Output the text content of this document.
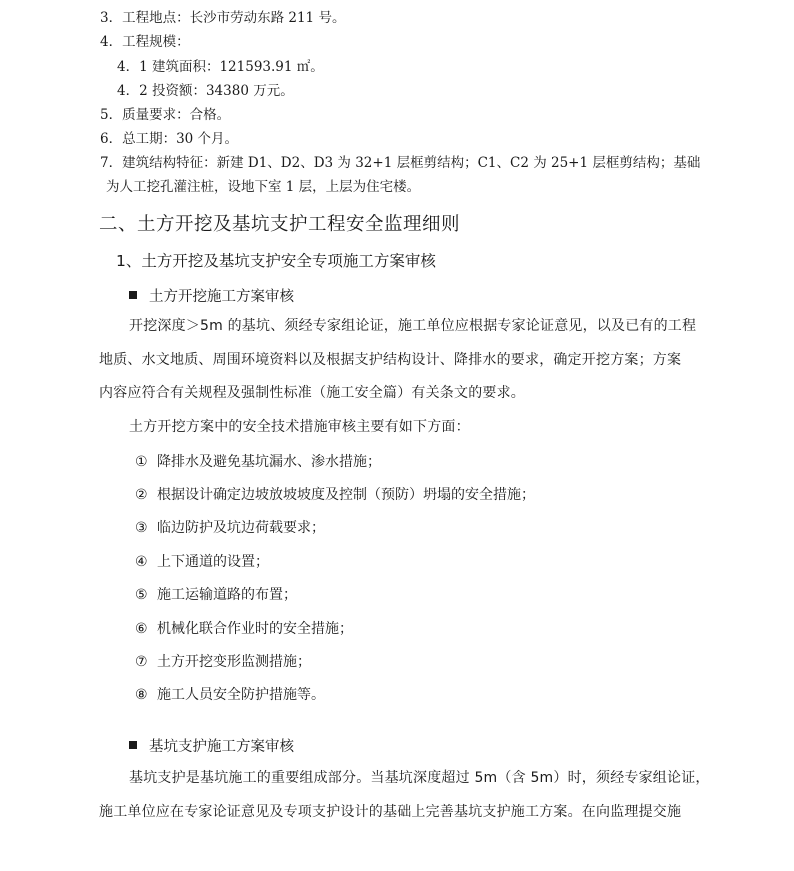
3．工程地点：长沙市劳动东路 211 号。
4．工程规模：
4．1 建筑面积：121593.91 ㎡。
4．2 投资额：34380 万元。
5．质量要求：合格。
6．总工期：30 个月。
7．建筑结构特征：新建 D1、D2、D3 为 32+1 层框剪结构；C1、C2 为 25+1 层框剪结构；基础
为人工挖孔灌注桩，设地下室 1 层，上层为住宅楼。
二、土方开挖及基坑支护工程安全监理细则
1、土方开挖及基坑支护安全专项施工方案审核
土方开挖施工方案审核
开挖深度＞5m 的基坑、须经专家组论证，施工单位应根据专家论证意见，以及已有的工程
地质、水文地质、周围环境资料以及根据支护结构设计、降排水的要求，确定开挖方案；方案
内容应符合有关规程及强制性标准（施工安全篇）有关条文的要求。
土方开挖方案中的安全技术措施审核主要有如下方面：
① 降排水及避免基坑漏水、渗水措施；
② 根据设计确定边坡放坡坡度及控制（预防）坍塌的安全措施；
③ 临边防护及坑边荷载要求；
④ 上下通道的设置；
⑤ 施工运输道路的布置；
⑥ 机械化联合作业时的安全措施；
⑦ 土方开挖变形监测措施；
⑧ 施工人员安全防护措施等。
基坑支护施工方案审核
基坑支护是基坑施工的重要组成部分。当基坑深度超过 5m（含 5m）时，须经专家组论证，
施工单位应在专家论证意见及专项支护设计的基础上完善基坑支护施工方案。在向监理提交施
